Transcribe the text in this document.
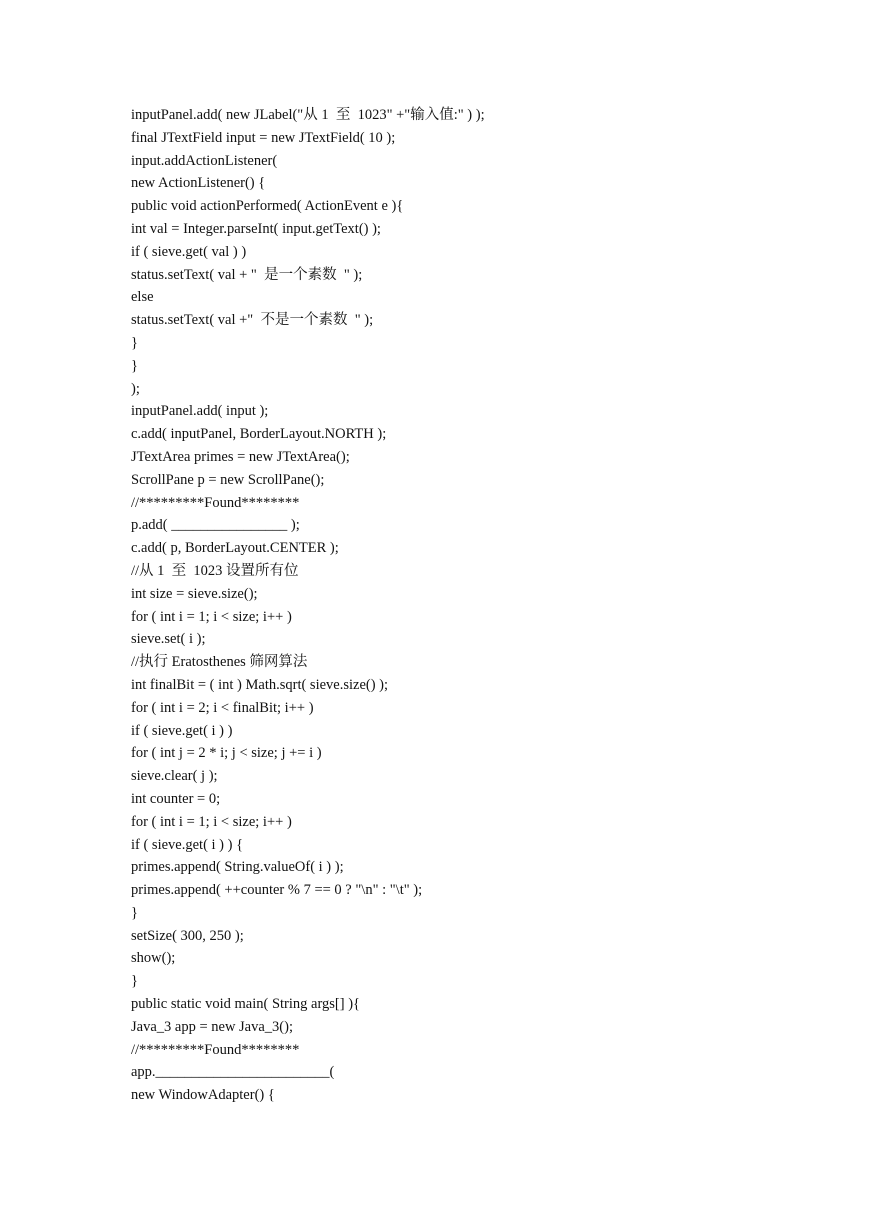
inputPanel.add( new JLabel("从 1  至  1023" +"输入值:" ) );
final JTextField input = new JTextField( 10 );
input.addActionListener(
new ActionListener() {
public void actionPerformed( ActionEvent e ){
int val = Integer.parseInt( input.getText() );
if ( sieve.get( val ) )
status.setText( val + "  是一个素数  " );
else
status.setText( val +"  不是一个素数  " );
}
}
);
inputPanel.add( input );
c.add( inputPanel, BorderLayout.NORTH );
JTextArea primes = new JTextArea();
ScrollPane p = new ScrollPane();
//*********Found********
p.add( ________________ );
c.add( p, BorderLayout.CENTER );
//从 1  至  1023 设置所有位
int size = sieve.size();
for ( int i = 1; i < size; i++ )
sieve.set( i );
//执行 Eratosthenes 筛网算法
int finalBit = ( int ) Math.sqrt( sieve.size() );
for ( int i = 2; i < finalBit; i++ )
if ( sieve.get( i ) )
for ( int j = 2 * i; j < size; j += i )
sieve.clear( j );
int counter = 0;
for ( int i = 1; i < size; i++ )
if ( sieve.get( i ) ) {
primes.append( String.valueOf( i ) );
primes.append( ++counter % 7 == 0 ? "\n" : "\t" );
}
setSize( 300, 250 );
show();
}
public static void main( String args[] ){
Java_3 app = new Java_3();
//*********Found********
app.________________________(
new WindowAdapter() {
